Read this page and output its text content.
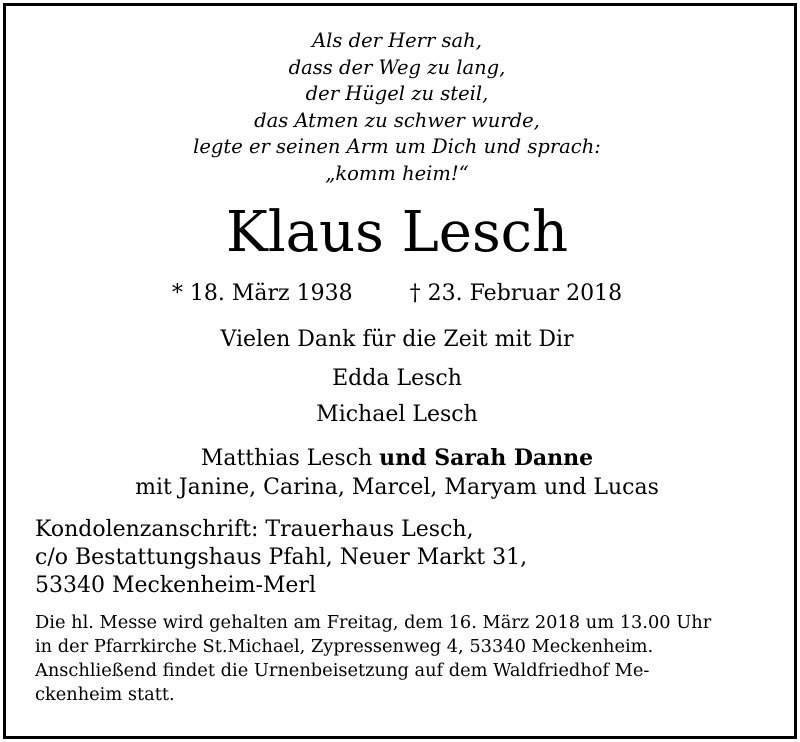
Als der Herr sah,
dass der Weg zu lang,
der Hügel zu steil,
das Atmen zu schwer wurde,
legte er seinen Arm um Dich und sprach:
„komm heim!“
Klaus Lesch
* 18. März 1938	† 23. Februar 2018
Vielen Dank für die Zeit mit Dir
Edda Lesch
Michael Lesch
Matthias Lesch und Sarah Danne
mit Janine, Carina, Marcel, Maryam und Lucas
Kondolenzanschrift: Trauerhaus Lesch,
c/o Bestattungshaus Pfahl, Neuer Markt 31,
53340 Meckenheim-Merl
Die hl. Messe wird gehalten am Freitag, dem 16. März 2018 um 13.00 Uhr
in der Pfarrkirche St.Michael, Zypressenweg 4, 53340 Meckenheim.
Anschließend findet die Urnenbeisetzung auf dem Waldfriedhof Me-
ckenheim statt.
